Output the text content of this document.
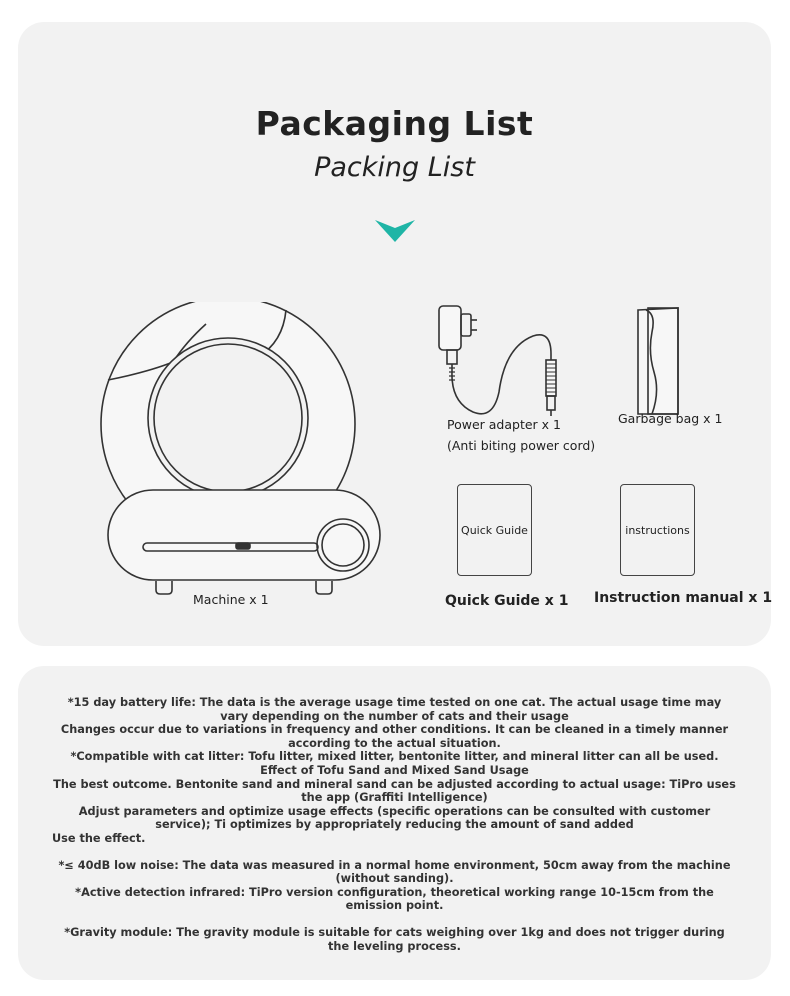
Packaging List
Packing List
Machine x 1
Power adapter x 1
(Anti biting power cord)
Garbage bag x 1
Quick Guide
Quick Guide x 1
instructions
Instruction manual x 1

*15 day battery life: The data is the average usage time tested on one cat. The actual usage time may vary depending on the number of cats and their usage

Changes occur due to variations in frequency and other conditions. It can be cleaned in a timely manner according to the actual situation.

*Compatible with cat litter: Tofu litter, mixed litter, bentonite litter, and mineral litter can all be used. Effect of Tofu Sand and Mixed Sand Usage

The best outcome. Bentonite sand and mineral sand can be adjusted according to actual usage: TiPro uses the app (Graffiti Intelligence)

Adjust parameters and optimize usage effects (specific operations can be consulted with customer service); Ti optimizes by appropriately reducing the amount of sand added

Use the effect.

*≤ 40dB low noise: The data was measured in a normal home environment, 50cm away from the machine (without sanding).

*Active detection infrared: TiPro version configuration, theoretical working range 10-15cm from the emission point.

*Gravity module: The gravity module is suitable for cats weighing over 1kg and does not trigger during the leveling process.
